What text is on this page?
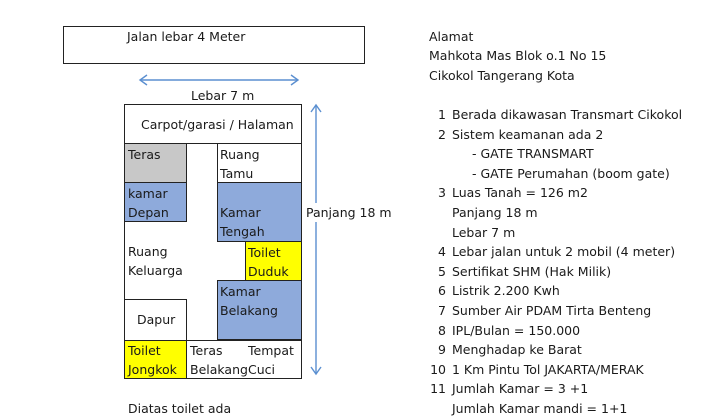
Jalan lebar 4 Meter
Lebar 7 m
Panjang 18 m
Carpot/garasi / Halaman
Teras	Ruang
Tamu
kamar
Depan	Kamar
Tengah
Ruang
Keluarga
Toilet
Duduk
Kamar
Belakang
Dapur
Toilet
Jongkok
Teras
Belakang
Tempat
Cuci
Diatas toilet ada
Alamat
Mahkota Mas Blok o.1 No 15
Cikokol Tangerang Kota
1 Berada dikawasan Transmart Cikokol
2 Sistem keamanan ada 2
- GATE TRANSMART
- GATE Perumahan (boom gate)
3 Luas Tanah = 126 m2
Panjang 18 m
Lebar 7 m
4 Lebar jalan untuk 2 mobil (4 meter)
5 Sertifikat SHM (Hak Milik)
6 Listrik 2.200 Kwh
7 Sumber Air PDAM Tirta Benteng
8 IPL/Bulan = 150.000
9 Menghadap ke Barat
10 1 Km Pintu Tol JAKARTA/MERAK
11 Jumlah Kamar = 3 +1
Jumlah Kamar mandi = 1+1
